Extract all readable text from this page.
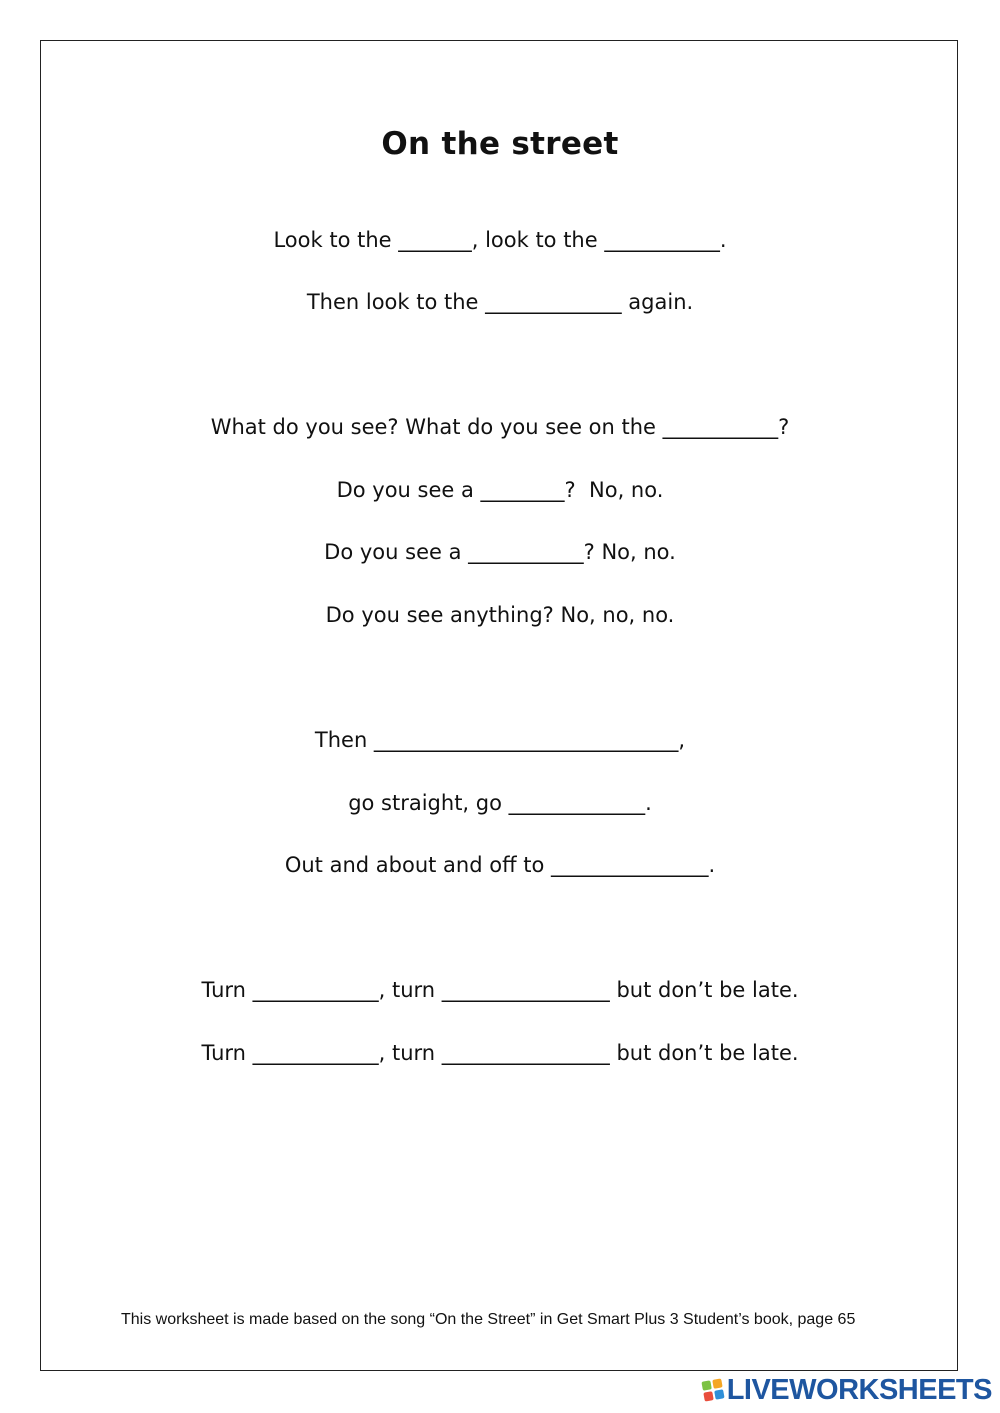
On the street
Look to the _______, look to the ___________.
Then look to the _____________ again.
What do you see? What do you see on the ___________?
Do you see a ________?  No, no.
Do you see a ___________? No, no.
Do you see anything? No, no, no.
Then _____________________________,
go straight, go _____________.
Out and about and off to _______________.
Turn ____________, turn ________________ but don’t be late.
Turn ____________, turn ________________ but don’t be late.
This worksheet is made based on the song “On the Street” in Get Smart Plus 3 Student’s book, page 65
LIVEWORKSHEETS
